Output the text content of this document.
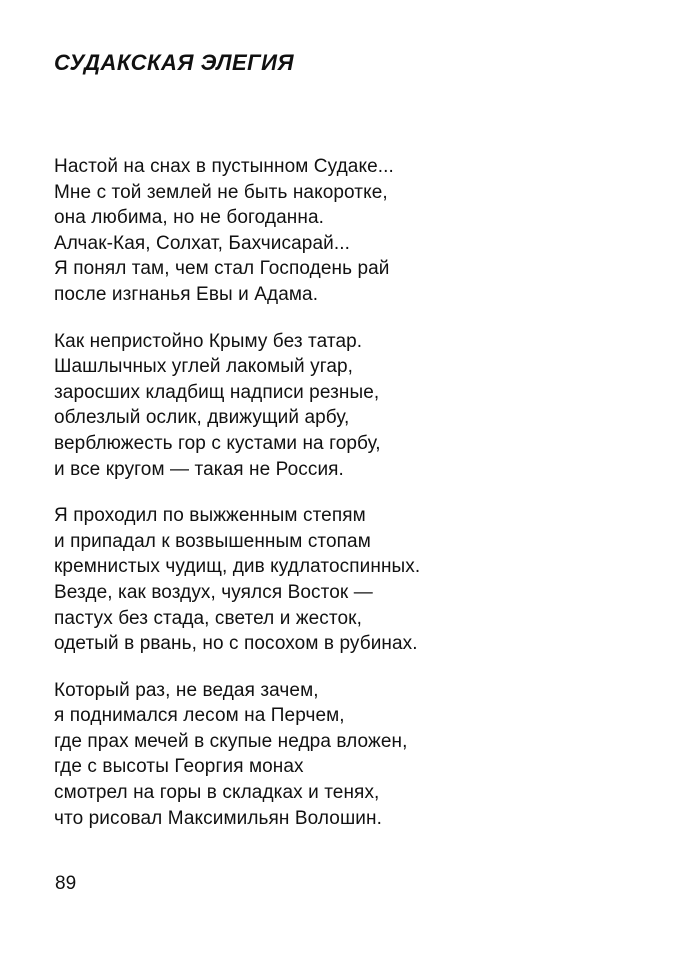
СУДАКСКАЯ ЭЛЕГИЯ
Настой на снах в пустынном Судаке...
Мне с той землей не быть накоротке,
она любима, но не богоданна.
Алчак-Кая, Солхат, Бахчисарай...
Я понял там, чем стал Господень рай
после изгнанья Евы и Адама.
Как непристойно Крыму без татар.
Шашлычных углей лакомый угар,
заросших кладбищ надписи резные,
облезлый ослик, движущий арбу,
верблюжесть гор с кустами на горбу,
и все кругом — такая не Россия.
Я проходил по выжженным степям
и припадал к возвышенным стопам
кремнистых чудищ, див кудлатоспинных.
Везде, как воздух, чуялся Восток —
пастух без стада, светел и жесток,
одетый в рвань, но с посохом в рубинах.
Который раз, не ведая зачем,
я поднимался лесом на Перчем,
где прах мечей в скупые недра вложен,
где с высоты Георгия монах
смотрел на горы в складках и тенях,
что рисовал Максимильян Волошин.
89
